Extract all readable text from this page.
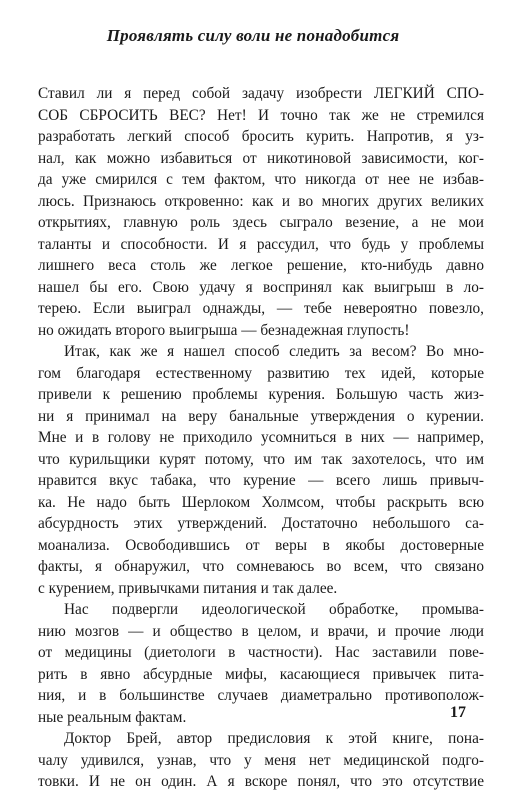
Проявлять силу воли не понадобится
Ставил ли я перед собой задачу изобрести ЛЕГКИЙ СПО-
СОБ СБРОСИТЬ ВЕС? Нет! И точно так же не стремился
разработать легкий способ бросить курить. Напротив, я уз-
нал, как можно избавиться от никотиновой зависимости, ког-
да уже смирился с тем фактом, что никогда от нее не избав-
люсь. Признаюсь откровенно: как и во многих других великих
открытиях, главную роль здесь сыграло везение, а не мои
таланты и способности. И я рассудил, что будь у проблемы
лишнего веса столь же легкое решение, кто-нибудь давно
нашел бы его. Свою удачу я воспринял как выигрыш в ло-
терею. Если выиграл однажды, — тебе невероятно повезло,
но ожидать второго выигрыша — безнадежная глупость!
Итак, как же я нашел способ следить за весом? Во мно-
гом благодаря естественному развитию тех идей, которые
привели к решению проблемы курения. Большую часть жиз-
ни я принимал на веру банальные утверждения о курении.
Мне и в голову не приходило усомниться в них — например,
что курильщики курят потому, что им так захотелось, что им
нравится вкус табака, что курение — всего лишь привыч-
ка. Не надо быть Шерлоком Холмсом, чтобы раскрыть всю
абсурдность этих утверждений. Достаточно небольшого са-
моанализа. Освободившись от веры в якобы достоверные
факты, я обнаружил, что сомневаюсь во всем, что связано
с курением, привычками питания и так далее.
Нас подвергли идеологической обработке, промыва-
нию мозгов — и общество в целом, и врачи, и прочие люди
от медицины (диетологи в частности). Нас заставили пове-
рить в явно абсурдные мифы, касающиеся привычек пита-
ния, и в большинстве случаев диаметрально противополож-
ные реальным фактам.
Доктор Брей, автор предисловия к этой книге, пона-
чалу удивился, узнав, что у меня нет медицинской подго-
товки. И не он один. А я вскоре понял, что это отсутствие
17
